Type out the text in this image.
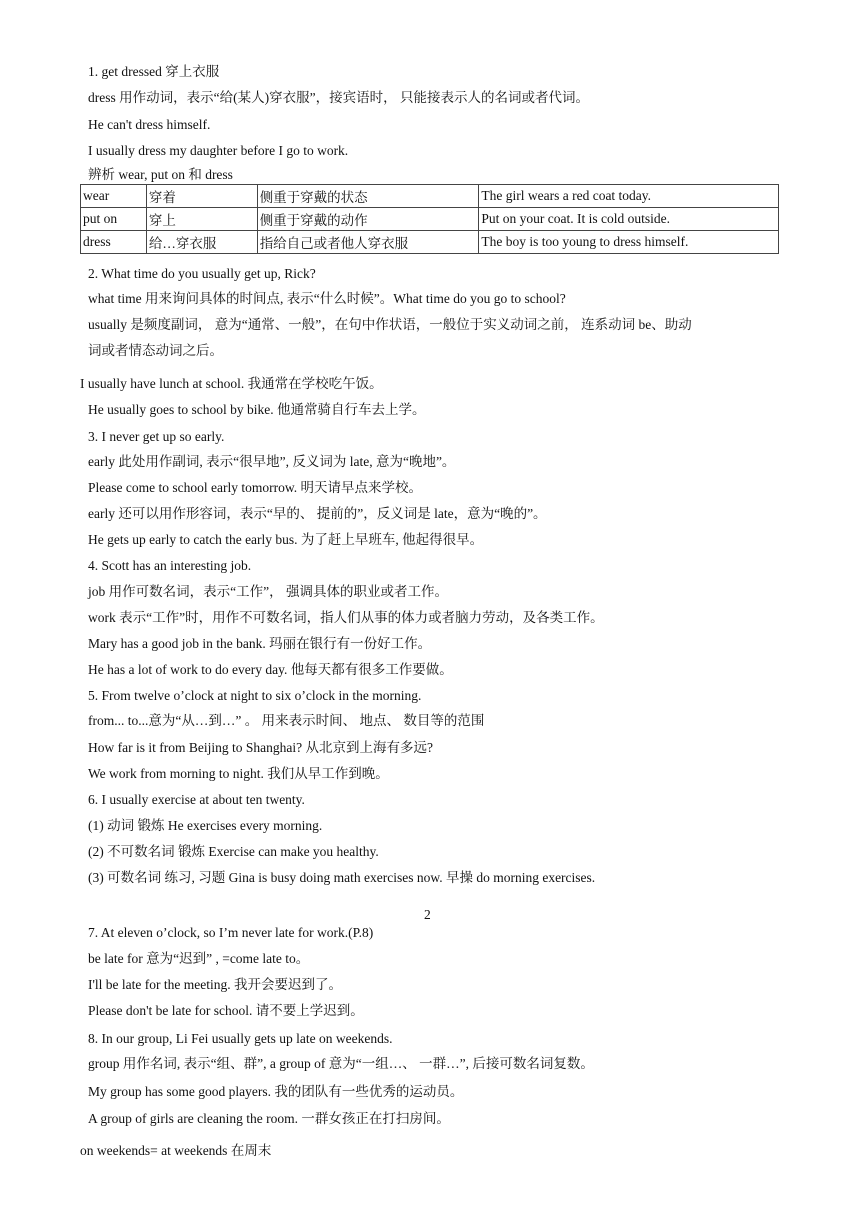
1. get dressed 穿上衣服
dress 用作动词，表示“给(某人)穿衣服”，接宾语时， 只能接表示人的名词或者代词。
He can't dress himself.
I usually dress my daughter before I go to work.
辨析 wear, put on 和 dress
wear	穿着	侧重于穿戴的状态	The girl wears a red coat today.
put on	穿上	侧重于穿戴的动作	Put on your coat. It is cold outside.
dress	给…穿衣服	指给自己或者他人穿衣服	The boy is too young to dress himself.
2. What time do you usually get up, Rick?
what time 用来询问具体的时间点, 表示“什么时候”。What time do you go to school?
usually 是频度副词， 意为“通常、一般”，在句中作状语，一般位于实义动词之前， 连系动词 be、助动
词或者情态动词之后。
I usually have lunch at school. 我通常在学校吃午饭。
He usually goes to school by bike. 他通常骑自行车去上学。
3. I never get up so early.
early 此处用作副词, 表示“很早地”, 反义词为 late, 意为“晚地”。
Please come to school early tomorrow. 明天请早点来学校。
early 还可以用作形容词，表示“早的、 提前的”，反义词是 late，意为“晚的”。
He gets up early to catch the early bus. 为了赶上早班车, 他起得很早。
4. Scott has an interesting job.
job 用作可数名词，表示“工作”， 强调具体的职业或者工作。
work 表示“工作”时，用作不可数名词，指人们从事的体力或者脑力劳动，及各类工作。
Mary has a good job in the bank. 玛丽在银行有一份好工作。
He has a lot of work to do every day. 他每天都有很多工作要做。
5. From twelve o’clock at night to six o’clock in the morning.
from... to...意为“从…到…” 。 用来表示时间、 地点、 数目等的范围
How far is it from Beijing to Shanghai? 从北京到上海有多远?
We work from morning to night. 我们从早工作到晚。
6. I usually exercise at about ten twenty.
(1) 动词 锻炼 He exercises every morning.
(2) 不可数名词 锻炼 Exercise can make you healthy.
(3) 可数名词 练习, 习题 Gina is busy doing math exercises now. 早操 do morning exercises.
2
7. At eleven o’clock, so I’m never late for work.(P.8)
be late for 意为“迟到” , =come late to。
I'll be late for the meeting. 我开会要迟到了。
Please don't be late for school. 请不要上学迟到。
8. In our group, Li Fei usually gets up late on weekends.
group 用作名词, 表示“组、群”, a group of 意为“一组…、 一群…”, 后接可数名词复数。
My group has some good players. 我的团队有一些优秀的运动员。
A group of girls are cleaning the room. 一群女孩正在打扫房间。
on weekends= at weekends 在周末
